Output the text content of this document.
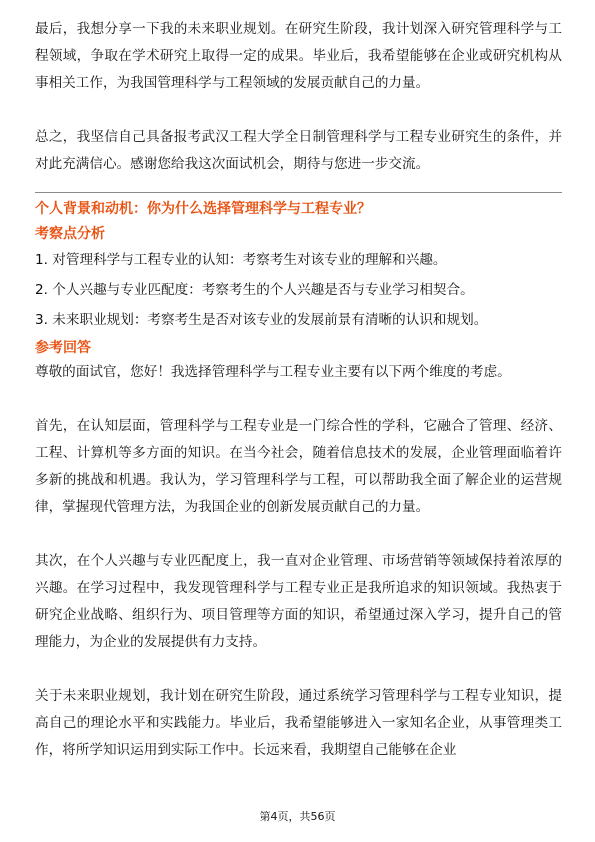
最后，我想分享一下我的未来职业规划。在研究生阶段，我计划深入研究管理科学与工程领域，争取在学术研究上取得一定的成果。毕业后，我希望能够在企业或研究机构从事相关工作，为我国管理科学与工程领域的发展贡献自己的力量。

总之，我坚信自己具备报考武汉工程大学全日制管理科学与工程专业研究生的条件，并对此充满信心。感谢您给我这次面试机会，期待与您进一步交流。

个人背景和动机：你为什么选择管理科学与工程专业？

考察点分析

1. 对管理科学与工程专业的认知：考察考生对该专业的理解和兴趣。

2. 个人兴趣与专业匹配度：考察考生的个人兴趣是否与专业学习相契合。

3. 未来职业规划：考察考生是否对该专业的发展前景有清晰的认识和规划。

参考回答

尊敬的面试官，您好！我选择管理科学与工程专业主要有以下两个维度的考虑。

首先，在认知层面，管理科学与工程专业是一门综合性的学科，它融合了管理、经济、工程、计算机等多方面的知识。在当今社会，随着信息技术的发展，企业管理面临着许多新的挑战和机遇。我认为，学习管理科学与工程，可以帮助我全面了解企业的运营规律，掌握现代管理方法，为我国企业的创新发展贡献自己的力量。

其次，在个人兴趣与专业匹配度上，我一直对企业管理、市场营销等领域保持着浓厚的兴趣。在学习过程中，我发现管理科学与工程专业正是我所追求的知识领域。我热衷于研究企业战略、组织行为、项目管理等方面的知识，希望通过深入学习，提升自己的管理能力，为企业的发展提供有力支持。

关于未来职业规划，我计划在研究生阶段，通过系统学习管理科学与工程专业知识，提高自己的理论水平和实践能力。毕业后，我希望能够进入一家知名企业，从事管理类工作，将所学知识运用到实际工作中。长远来看，我期望自己能够在企业

第4页，共56页
